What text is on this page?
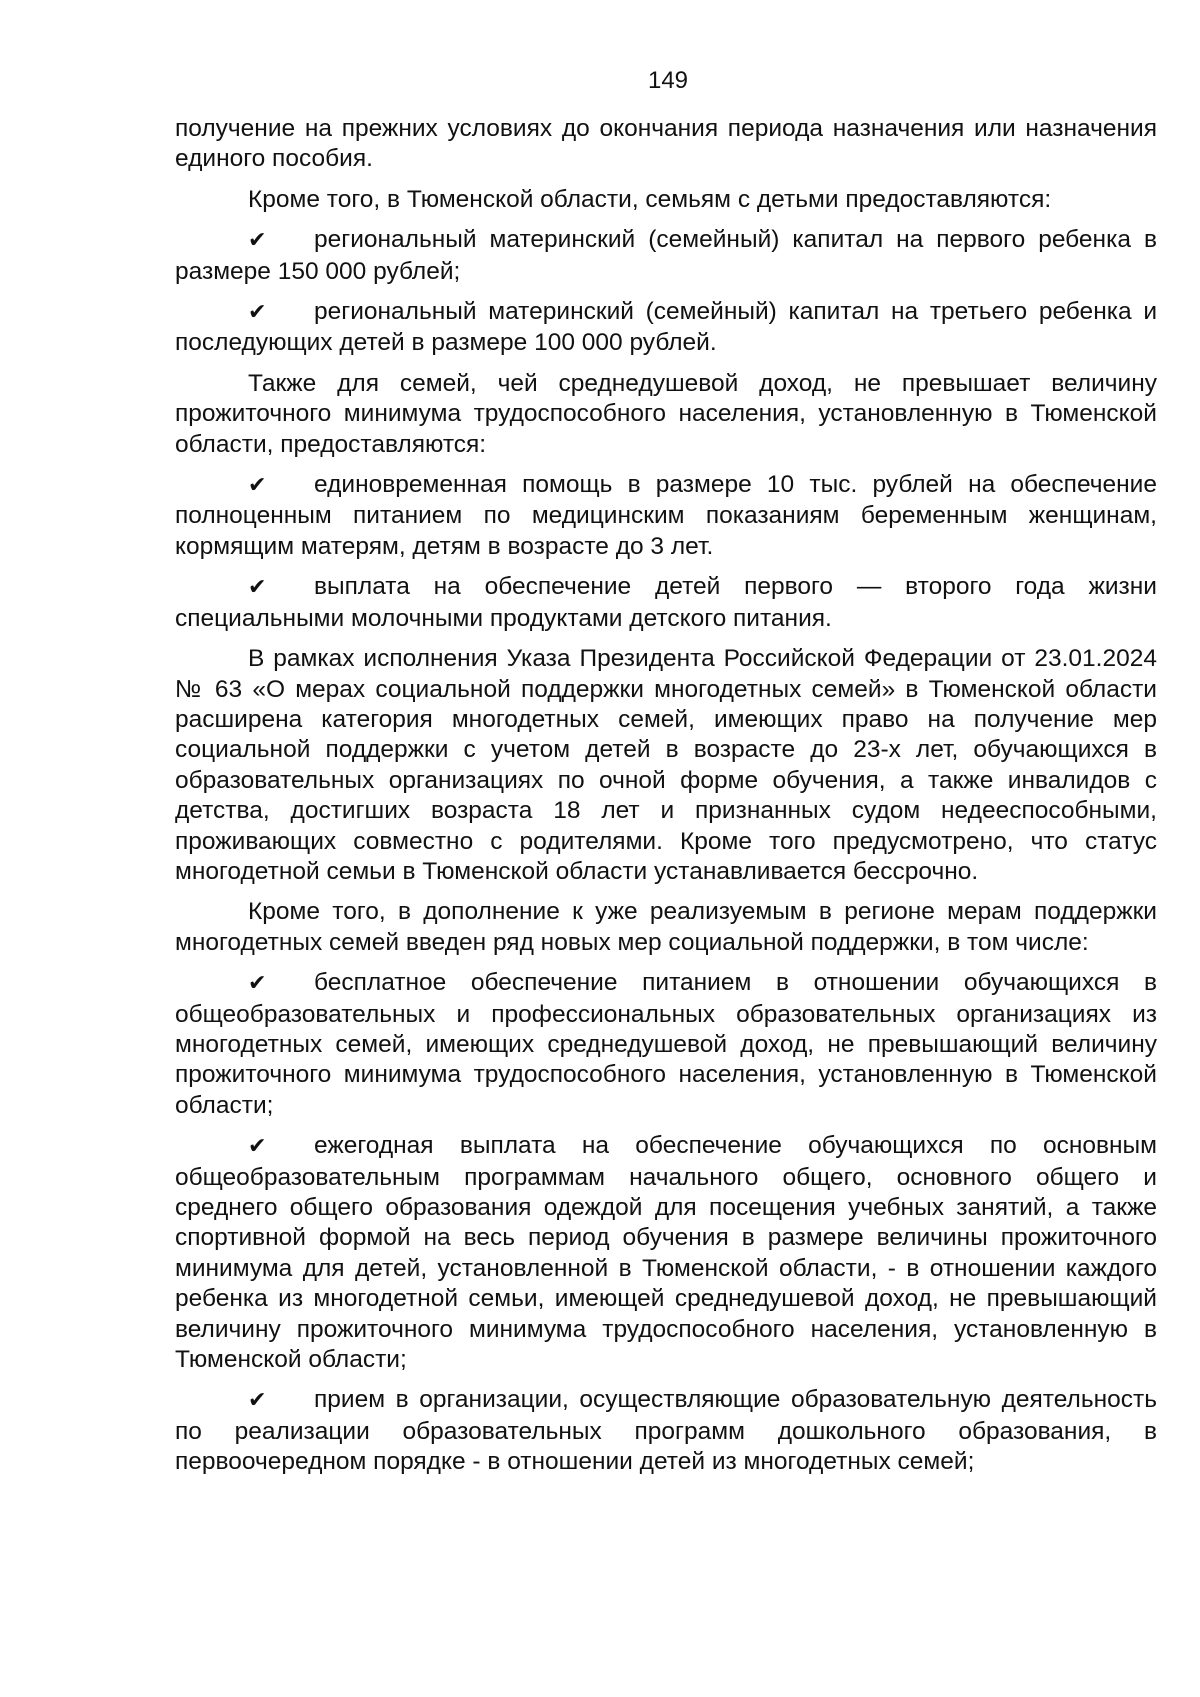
149

получение на прежних условиях до окончания периода назначения или назначения единого пособия.

Кроме того, в Тюменской области, семьям с детьми предоставляются:

✔ региональный материнский (семейный) капитал на первого ребенка в размере 150 000 рублей;

✔ региональный материнский (семейный) капитал на третьего ребенка и последующих детей в размере 100 000 рублей.

Также для семей, чей среднедушевой доход, не превышает величину прожиточного минимума трудоспособного населения, установленную в Тюменской области, предоставляются:

✔ единовременная помощь в размере 10 тыс. рублей на обеспечение полноценным питанием по медицинским показаниям беременным женщинам, кормящим матерям, детям в возрасте до 3 лет.

✔ выплата на обеспечение детей первого — второго года жизни специальными молочными продуктами детского питания.

В рамках исполнения Указа Президента Российской Федерации от 23.01.2024 № 63 «О мерах социальной поддержки многодетных семей» в Тюменской области расширена категория многодетных семей, имеющих право на получение мер социальной поддержки с учетом детей в возрасте до 23-х лет, обучающихся в образовательных организациях по очной форме обучения, а также инвалидов с детства, достигших возраста 18 лет и признанных судом недееспособными, проживающих совместно с родителями. Кроме того предусмотрено, что статус многодетной семьи в Тюменской области устанавливается бессрочно.

Кроме того, в дополнение к уже реализуемым в регионе мерам поддержки многодетных семей введен ряд новых мер социальной поддержки, в том числе:

✔ бесплатное обеспечение питанием в отношении обучающихся в общеобразовательных и профессиональных образовательных организациях из многодетных семей, имеющих среднедушевой доход, не превышающий величину прожиточного минимума трудоспособного населения, установленную в Тюменской области;

✔ ежегодная выплата на обеспечение обучающихся по основным общеобразовательным программам начального общего, основного общего и среднего общего образования одеждой для посещения учебных занятий, а также спортивной формой на весь период обучения в размере величины прожиточного минимума для детей, установленной в Тюменской области, - в отношении каждого ребенка из многодетной семьи, имеющей среднедушевой доход, не превышающий величину прожиточного минимума трудоспособного населения, установленную в Тюменской области;

✔ прием в организации, осуществляющие образовательную деятельность по реализации образовательных программ дошкольного образования, в первоочередном порядке - в отношении детей из многодетных семей;
